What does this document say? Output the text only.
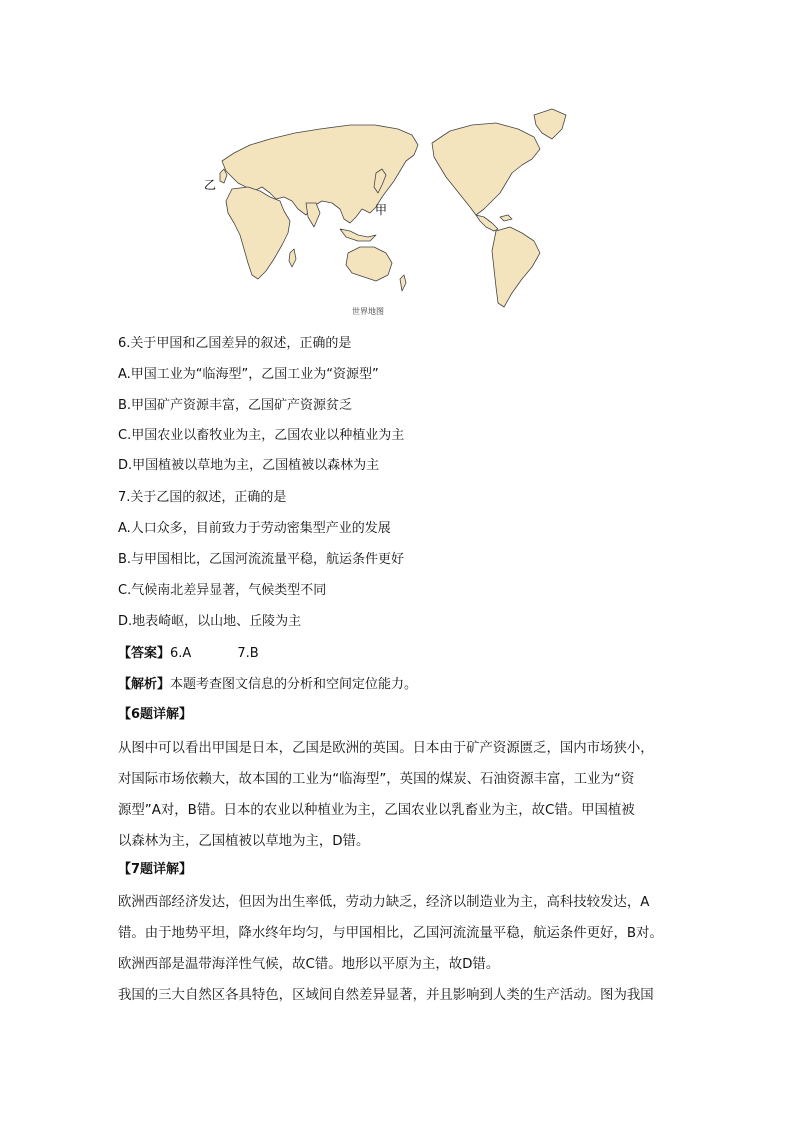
乙
甲
世界地图
6.关于甲国和乙国差异的叙述，正确的是
A.甲国工业为“临海型”，乙国工业为“资源型”
B.甲国矿产资源丰富，乙国矿产资源贫乏
C.甲国农业以畜牧业为主，乙国农业以种植业为主
D.甲国植被以草地为主，乙国植被以森林为主
7.关于乙国的叙述，正确的是
A.人口众多，目前致力于劳动密集型产业的发展
B.与甲国相比，乙国河流流量平稳，航运条件更好
C.气候南北差异显著，气候类型不同
D.地表崎岖，以山地、丘陵为主
【答案】6.A	7.B
【解析】本题考查图文信息的分析和空间定位能力。
【6题详解】
从图中可以看出甲国是日本，乙国是欧洲的英国。日本由于矿产资源匮乏，国内市场狭小，
对国际市场依赖大，故本国的工业为“临海型”，英国的煤炭、石油资源丰富，工业为“资
源型”A对，B错。日本的农业以种植业为主，乙国农业以乳畜业为主，故C错。甲国植被
以森林为主，乙国植被以草地为主，D错。
【7题详解】
欧洲西部经济发达，但因为出生率低，劳动力缺乏，经济以制造业为主，高科技较发达，A
错。由于地势平坦，降水终年均匀，与甲国相比，乙国河流流量平稳，航运条件更好，B对。
欧洲西部是温带海洋性气候，故C错。地形以平原为主，故D错。
我国的三大自然区各具特色，区域间自然差异显著，并且影响到人类的生产活动。图为我国
